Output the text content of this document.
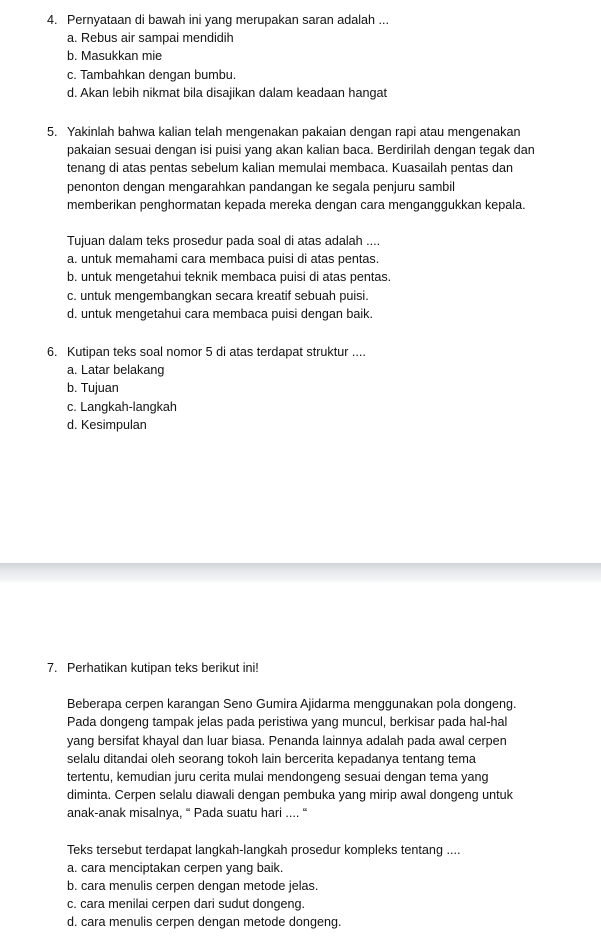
4. Pernyataan di bawah ini yang merupakan saran adalah ...
a. Rebus air sampai mendidih
b. Masukkan mie
c. Tambahkan dengan bumbu.
d. Akan lebih nikmat bila disajikan dalam keadaan hangat
5. Yakinlah bahwa kalian telah mengenakan pakaian dengan rapi atau mengenakan
pakaian sesuai dengan isi puisi yang akan kalian baca. Berdirilah dengan tegak dan
tenang di atas pentas sebelum kalian memulai membaca. Kuasailah pentas dan
penonton dengan mengarahkan pandangan ke segala penjuru sambil
memberikan penghormatan kepada mereka dengan cara menganggukkan kepala.
Tujuan dalam teks prosedur pada soal di atas adalah ....
a. untuk memahami cara membaca puisi di atas pentas.
b. untuk mengetahui teknik membaca puisi di atas pentas.
c. untuk mengembangkan secara kreatif sebuah puisi.
d. untuk mengetahui cara membaca puisi dengan baik.
6. Kutipan teks soal nomor 5 di atas terdapat struktur ....
a. Latar belakang
b. Tujuan
c. Langkah-langkah
d. Kesimpulan
7. Perhatikan kutipan teks berikut ini!
Beberapa cerpen karangan Seno Gumira Ajidarma menggunakan pola dongeng.
Pada dongeng tampak jelas pada peristiwa yang muncul, berkisar pada hal-hal
yang bersifat khayal dan luar biasa. Penanda lainnya adalah pada awal cerpen
selalu ditandai oleh seorang tokoh lain bercerita kepadanya tentang tema
tertentu, kemudian juru cerita mulai mendongeng sesuai dengan tema yang
diminta. Cerpen selalu diawali dengan pembuka yang mirip awal dongeng untuk
anak-anak misalnya, “ Pada suatu hari .... “
Teks tersebut terdapat langkah-langkah prosedur kompleks tentang ....
a. cara menciptakan cerpen yang baik.
b. cara menulis cerpen dengan metode jelas.
c. cara menilai cerpen dari sudut dongeng.
d. cara menulis cerpen dengan metode dongeng.
